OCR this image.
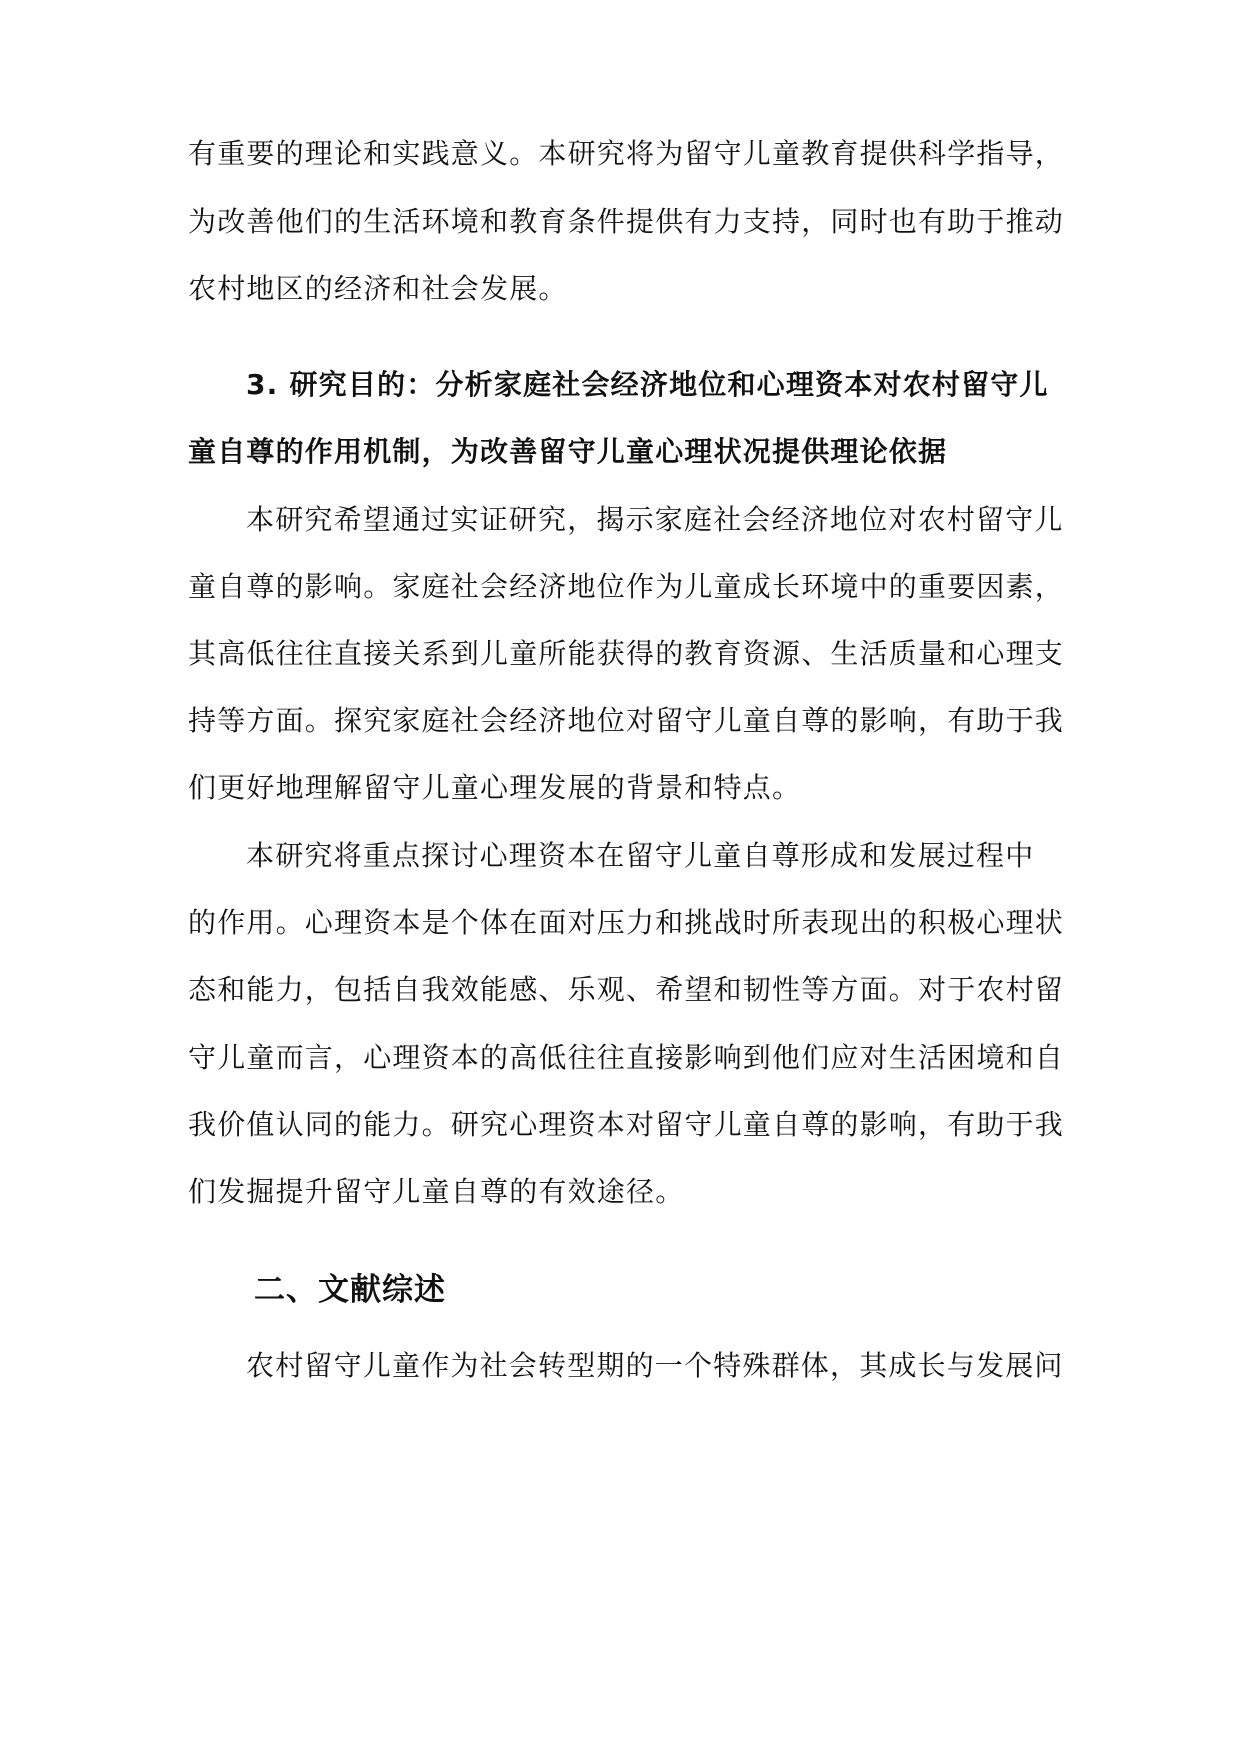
有重要的理论和实践意义。本研究将为留守儿童教育提供科学指导，
为改善他们的生活环境和教育条件提供有力支持，同时也有助于推动
农村地区的经济和社会发展。
3. 研究目的：分析家庭社会经济地位和心理资本对农村留守儿
童自尊的作用机制，为改善留守儿童心理状况提供理论依据
本研究希望通过实证研究，揭示家庭社会经济地位对农村留守儿
童自尊的影响。家庭社会经济地位作为儿童成长环境中的重要因素，
其高低往往直接关系到儿童所能获得的教育资源、生活质量和心理支
持等方面。探究家庭社会经济地位对留守儿童自尊的影响，有助于我
们更好地理解留守儿童心理发展的背景和特点。
本研究将重点探讨心理资本在留守儿童自尊形成和发展过程中
的作用。心理资本是个体在面对压力和挑战时所表现出的积极心理状
态和能力，包括自我效能感、乐观、希望和韧性等方面。对于农村留
守儿童而言，心理资本的高低往往直接影响到他们应对生活困境和自
我价值认同的能力。研究心理资本对留守儿童自尊的影响，有助于我
们发掘提升留守儿童自尊的有效途径。
二、文献综述
农村留守儿童作为社会转型期的一个特殊群体，其成长与发展问
